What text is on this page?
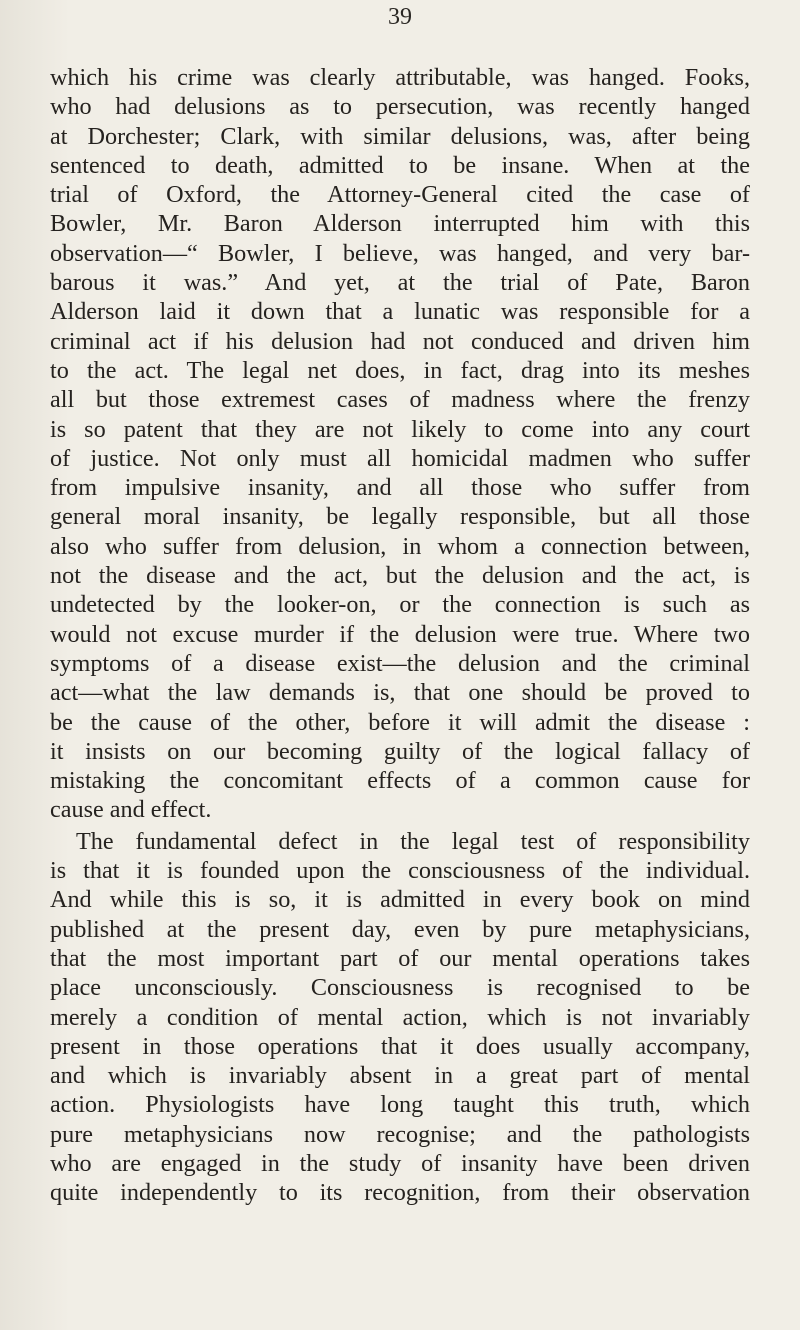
39
which his crime was clearly attributable, was hanged. Fooks,
who had delusions as to persecution, was recently hanged
at Dorchester; Clark, with similar delusions, was, after being
sentenced to death, admitted to be insane. When at the
trial of Oxford, the Attorney-General cited the case of
Bowler, Mr. Baron Alderson interrupted him with this
observation—“ Bowler, I believe, was hanged, and very bar-
barous it was.” And yet, at the trial of Pate, Baron
Alderson laid it down that a lunatic was responsible for a
criminal act if his delusion had not conduced and driven him
to the act. The legal net does, in fact, drag into its meshes
all but those extremest cases of madness where the frenzy
is so patent that they are not likely to come into any court
of justice. Not only must all homicidal madmen who suffer
from impulsive insanity, and all those who suffer from
general moral insanity, be legally responsible, but all those
also who suffer from delusion, in whom a connection between,
not the disease and the act, but the delusion and the act, is
undetected by the looker-on, or the connection is such as
would not excuse murder if the delusion were true. Where two
symptoms of a disease exist—the delusion and the criminal
act—what the law demands is, that one should be proved to
be the cause of the other, before it will admit the disease :
it insists on our becoming guilty of the logical fallacy of
mistaking the concomitant effects of a common cause for
cause and effect.
The fundamental defect in the legal test of responsibility
is that it is founded upon the consciousness of the individual.
And while this is so, it is admitted in every book on mind
published at the present day, even by pure metaphysicians,
that the most important part of our mental operations takes
place unconsciously. Consciousness is recognised to be
merely a condition of mental action, which is not invariably
present in those operations that it does usually accompany,
and which is invariably absent in a great part of mental
action. Physiologists have long taught this truth, which
pure metaphysicians now recognise; and the pathologists
who are engaged in the study of insanity have been driven
quite independently to its recognition, from their observation
